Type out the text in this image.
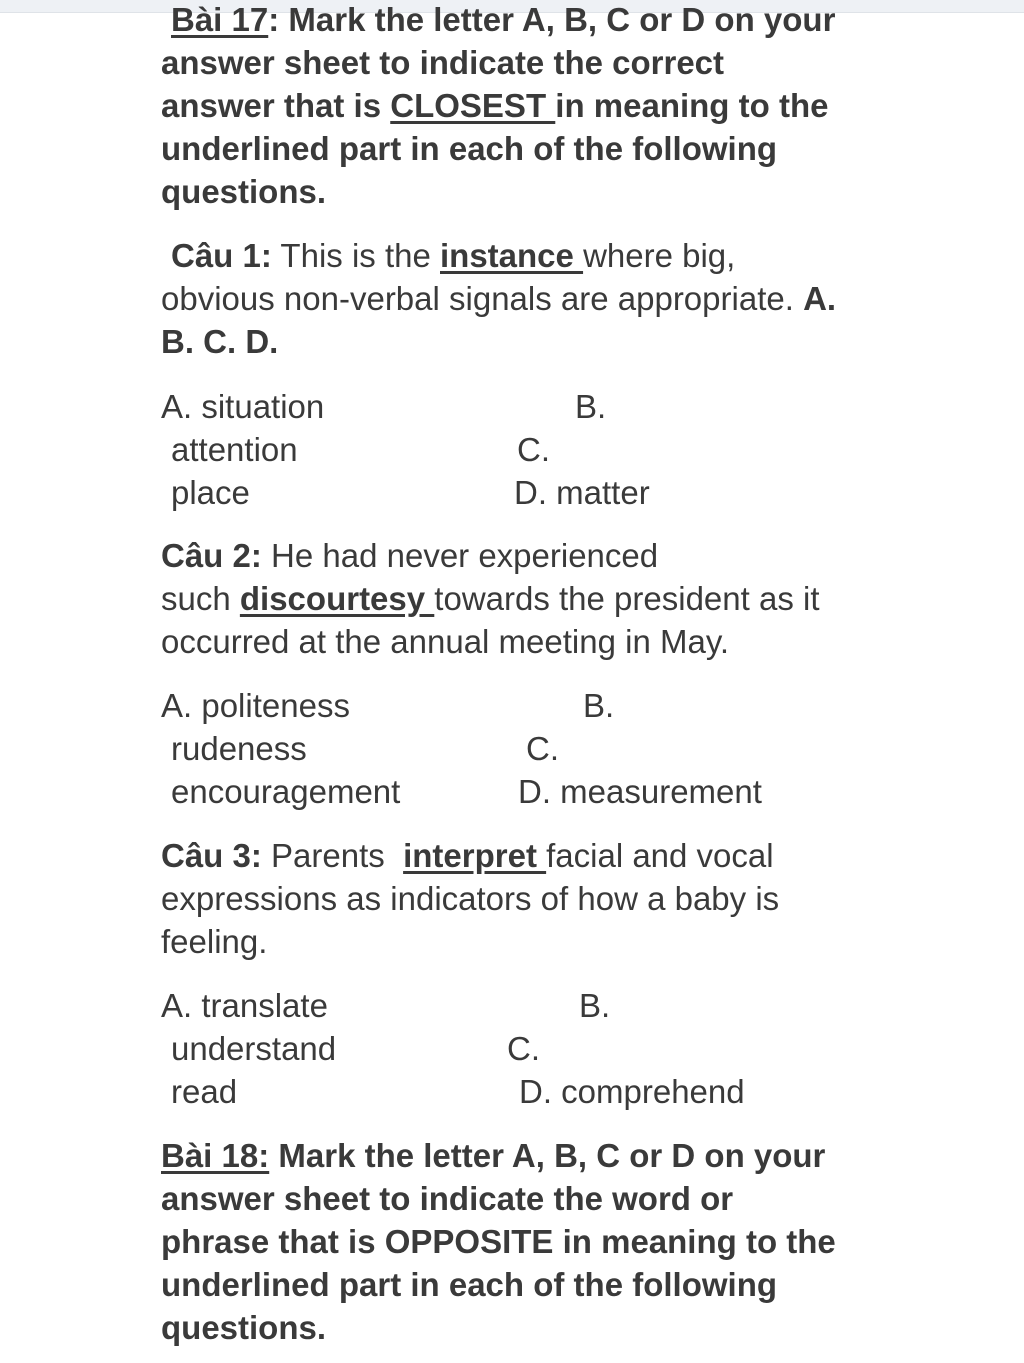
Bài 17: Mark the letter A, B, C or D on your
answer sheet to indicate the correct
answer that is CLOSEST in meaning to the
underlined part in each of the following
questions.
Câu 1: This is the instance where big,
obvious non-verbal signals are appropriate. A.
B. C. D.
A. situation	B.
attention	C.
place	D. matter
Câu 2: He had never experienced
such discourtesy towards the president as it
occurred at the annual meeting in May.
A. politeness	B.
rudeness	C.
encouragement	D. measurement
Câu 3: Parents  interpret facial and vocal
expressions as indicators of how a baby is
feeling.
A. translate	B.
understand	C.
read	D. comprehend
Bài 18: Mark the letter A, B, C or D on your
answer sheet to indicate the word or
phrase that is OPPOSITE in meaning to the
underlined part in each of the following
questions.
